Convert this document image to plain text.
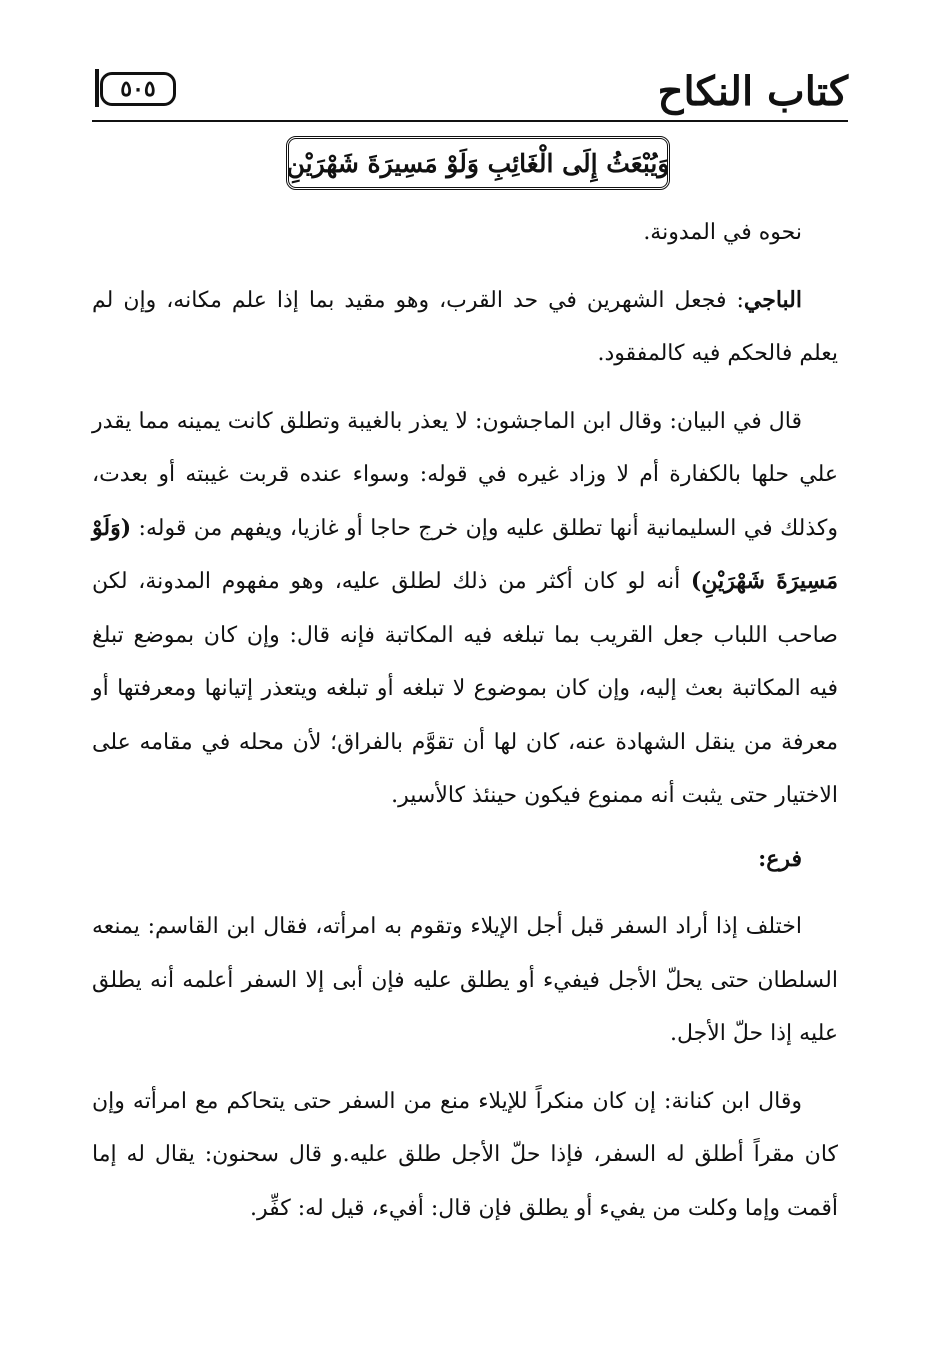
كتاب النكاح
٥٠٥
وَيُبْعَثُ إِلَى الْغَائِبِ وَلَوْ مَسِيرَةَ شَهْرَيْنِ

نحوه في المدونة.

الباجي: فجعل الشهرين في حد القرب، وهو مقيد بما إذا علم مكانه، وإن لم يعلم فالحكم فيه كالمفقود.

قال في البيان: وقال ابن الماجشون: لا يعذر بالغيبة وتطلق كانت يمينه مما يقدر علي حلها بالكفارة أم لا وزاد غيره في قوله: وسواء عنده قربت غيبته أو بعدت، وكذلك في السليمانية أنها تطلق عليه وإن خرج حاجا أو غازيا، ويفهم من قوله: (وَلَوْ مَسِيرَةَ شَهْرَيْنِ) أنه لو كان أكثر من ذلك لطلق عليه، وهو مفهوم المدونة، لكن صاحب اللباب جعل القريب بما تبلغه فيه المكاتبة فإنه قال: وإن كان بموضع تبلغ فيه المكاتبة بعث إليه، وإن كان بموضوع لا تبلغه أو تبلغه ويتعذر إتيانها ومعرفتها أو معرفة من ينقل الشهادة عنه، كان لها أن تقوَّم بالفراق؛ لأن محله في مقامه على الاختيار حتى يثبت أنه ممنوع فيكون حينئذ كالأسير.

فرع:

اختلف إذا أراد السفر قبل أجل الإيلاء وتقوم به امرأته، فقال ابن القاسم: يمنعه السلطان حتى يحلّ الأجل فيفيء أو يطلق عليه فإن أبى إلا السفر أعلمه أنه يطلق عليه إذا حلّ الأجل.

وقال ابن كنانة: إن كان منكراً للإيلاء منع من السفر حتى يتحاكم مع امرأته وإن كان مقراً أطلق له السفر، فإذا حلّ الأجل طلق عليه.و قال سحنون: يقال له إما أقمت وإما وكلت من يفيء أو يطلق فإن قال: أفيء، قيل له: كفِّر.
